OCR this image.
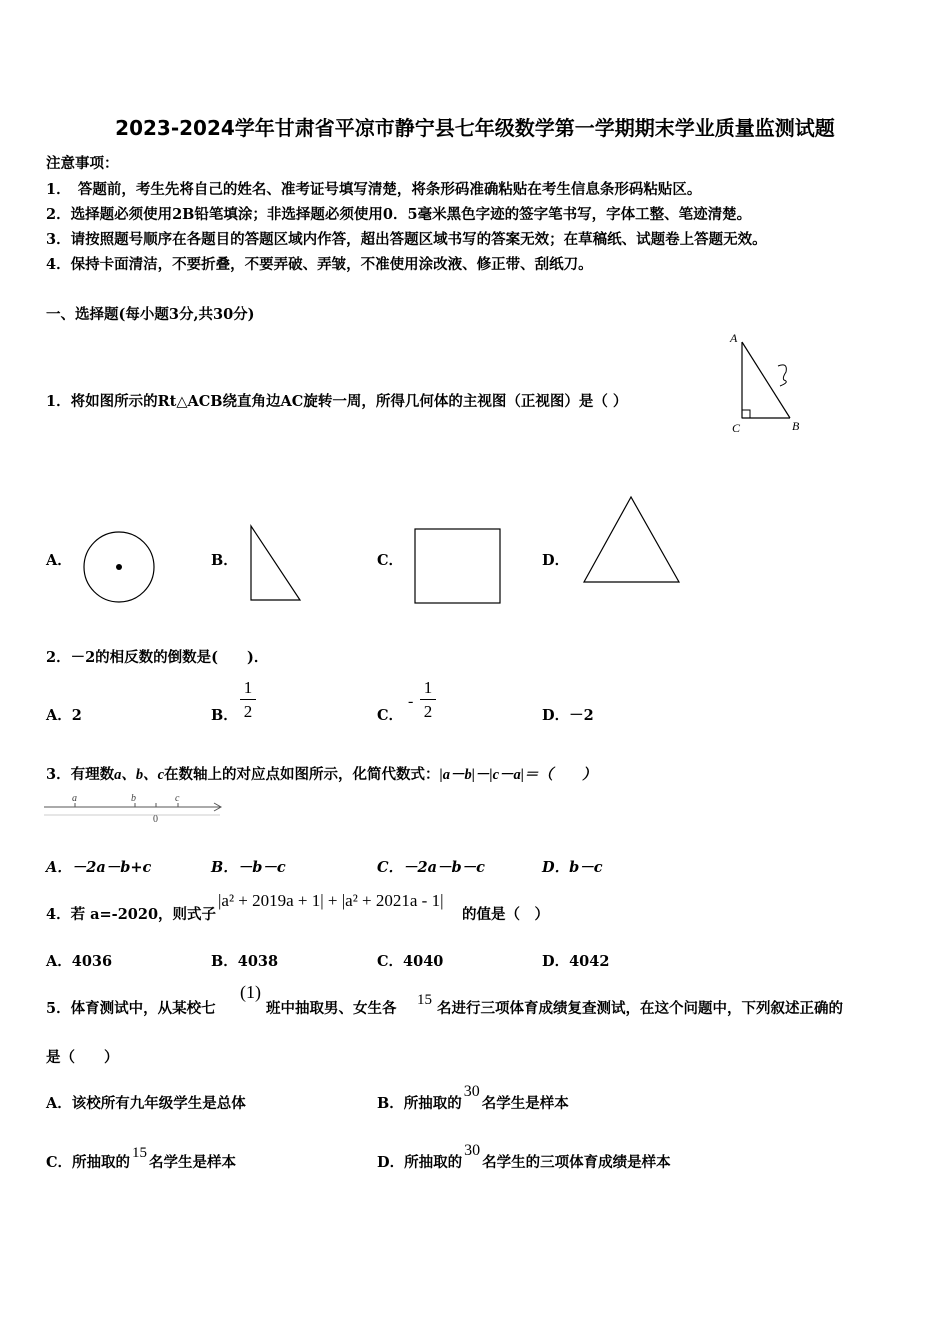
2023-2024学年甘肃省平凉市静宁县七年级数学第一学期期末学业质量监测试题
注意事项：
1．　答题前，考生先将自己的姓名、准考证号填写清楚，将条形码准确粘贴在考生信息条形码粘贴区。
2．选择题必须使用2B铅笔填涂；非选择题必须使用0．5毫米黑色字迹的签字笔书写，字体工整、笔迹清楚。
3．请按照题号顺序在各题目的答题区域内作答，超出答题区域书写的答案无效；在草稿纸、试题卷上答题无效。
4．保持卡面清洁，不要折叠，不要弄破、弄皱，不准使用涂改液、修正带、刮纸刀。
一、选择题(每小题3分,共30分)
1．将如图所示的Rt△ACB绕直角边AC旋转一周，所得几何体的主视图（正视图）是（ ）
A
C	B
A．	B．	C．	D．
2．－2的相反数的倒数是(　　)．
A．2	B．
1
2	C．
-
1
2	D．－2
3．有理数a、b、c在数轴上的对应点如图所示，化简代数式：|a－b|－|c－a|＝（　　）
a	b	c
0
A．－2a－b+c	B．－b－c	C．－2a－b－c	D．b－c
4．若 a=-2020，则式子
|a² + 2019a + 1| + |a² + 2021a - 1|
的值是（　）
A．4036	B．4038	C．4040	D．4042
5．体育测试中，从某校七
(1)
班中抽取男、女生各 15 名进行三项体育成绩复查测试，在这个问题中，下列叙述正确的
是（　　）
A．该校所有九年级学生是总体	B．所抽取的30名学生是样本
C．所抽取的15名学生是样本	D．所抽取的30名学生的三项体育成绩是样本
